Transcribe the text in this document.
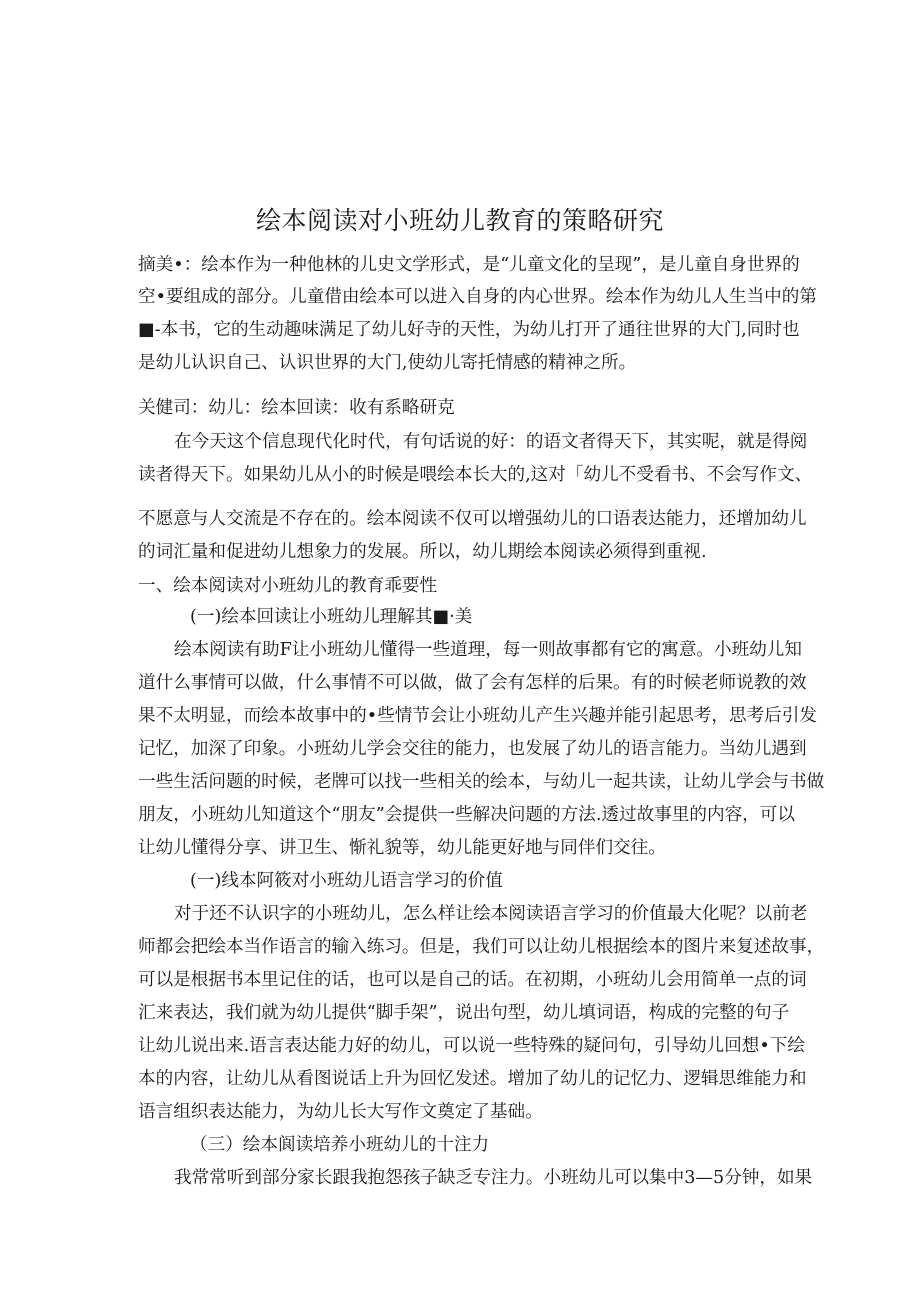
绘本阅读对小班幼儿教育的策略研究

摘美•：绘本作为一种他林的儿史文学形式，是“儿童文化的呈现”，是儿童自身世界的

空•要组成的部分。儿童借由绘本可以进入自身的内心世界。绘本作为幼儿人生当中的第

■-本书，它的生动趣味满足了幼儿好寺的天性，为幼儿打开了通往世界的大门,同时也

是幼儿认识自己、认识世界的大门,使幼儿寄托情感的精神之所。

关健司：幼儿：绘本回读：收有系略研克

在今天这个信息现代化时代，有句话说的好：的语文者得天下，其实呢，就是得阅

读者得天下。如果幼儿从小的时候是喂绘本长大的,这对「幼儿不受看书、不会写作文、

不愿意与人交流是不存在的。绘本阅读不仅可以增强幼儿的口语表达能力，还增加幼儿

的词汇量和促进幼儿想象力的发展。所以，幼儿期绘本阅读必须得到重视.

一、绘本阅读对小班幼儿的教育乖要性

(一)绘本回读让小班幼儿理解其■·美

绘本阅读有助F让小班幼儿懂得一些道理，每一则故事都有它的寓意。小班幼儿知

道什么事情可以做，什么事情不可以做，做了会有怎样的后果。有的时候老师说教的效

果不太明显，而绘本故事中的•些情节会让小班幼儿产生兴趣并能引起思考，思考后引发

记忆，加深了印象。小班幼儿学会交往的能力，也发展了幼儿的语言能力。当幼儿遇到

一些生活问题的时候，老牌可以找一些相关的绘本，与幼儿一起共读，让幼儿学会与书做

朋友，小班幼儿知道这个“朋友”会提供一些解决问题的方法.透过故事里的内容，可以

让幼儿懂得分享、讲卫生、惭礼貌等，幼儿能更好地与同伴们交往。

(一)线本阿筱对小班幼儿语言学习的价值

对于还不认识字的小班幼儿，怎么样让绘本阅读语言学习的价值最大化呢？以前老

师都会把绘本当作语言的输入练习。但是，我们可以让幼儿根据绘本的图片来复述故事，

可以是根据书本里记住的话，也可以是自己的话。在初期，小班幼儿会用简单一点的词

汇来表达，我们就为幼儿提供“脚手架”，说出句型，幼儿填词语，构成的完整的句子

让幼儿说出来.语言表达能力好的幼儿，可以说一些特殊的疑问句，引导幼儿回想•下绘

本的内容，让幼儿从看图说话上升为回忆发述。增加了幼儿的记忆力、逻辑思维能力和

语言组织表达能力，为幼儿长大写作文奠定了基础。

（三）绘本阆读培养小班幼儿的十注力

我常常听到部分家长跟我抱怨孩子缺乏专注力。小班幼儿可以集中3—5分钟，如果
